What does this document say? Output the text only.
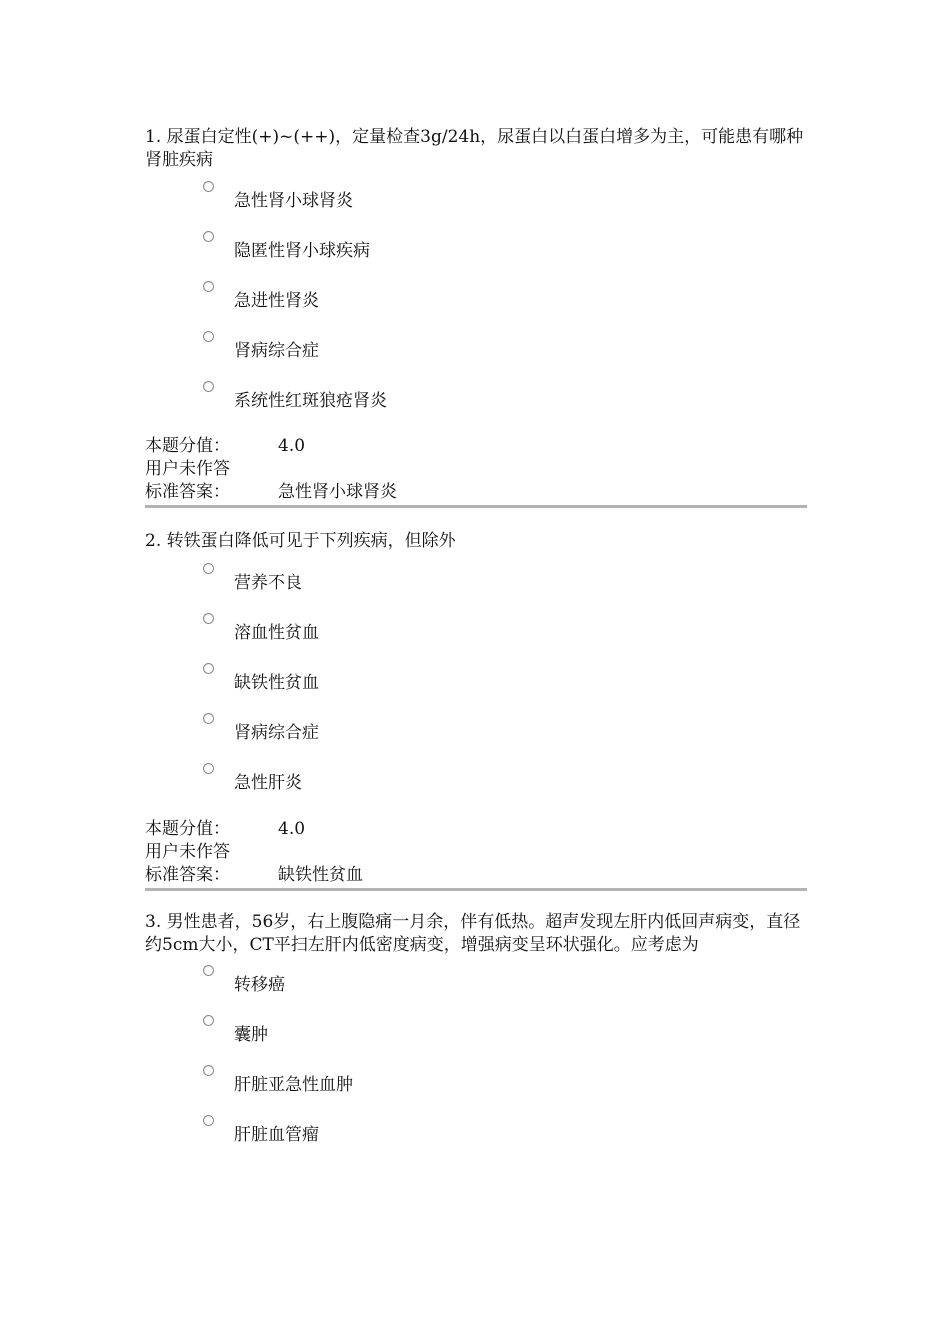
1. 尿蛋白定性(+)~(++)，定量检查3g/24h，尿蛋白以白蛋白增多为主，可能患有哪种肾脏疾病

急性肾小球肾炎
隐匿性肾小球疾病
急进性肾炎
肾病综合症
系统性红斑狼疮肾炎
本题分值：	4.0
用户未作答
标准答案：	急性肾小球肾炎

2. 转铁蛋白降低可见于下列疾病，但除外

营养不良
溶血性贫血
缺铁性贫血
肾病综合症
急性肝炎
本题分值：	4.0
用户未作答
标准答案：	缺铁性贫血

3. 男性患者，56岁，右上腹隐痛一月余，伴有低热。超声发现左肝内低回声病变，直径约5cm大小，CT平扫左肝内低密度病变，增强病变呈环状强化。应考虑为

转移癌
囊肿
肝脏亚急性血肿
肝脏血管瘤
